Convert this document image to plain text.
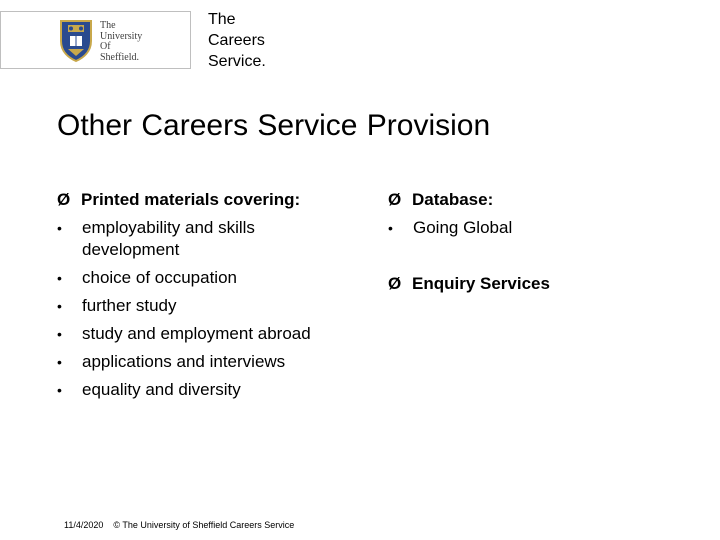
The
University
Of
Sheffield.
The
Careers
Service.
Other Careers Service Provision
Ø Printed materials covering:
• employability and skills
development
• choice of occupation
• further study
• study and employment abroad
• applications and interviews
• equality and diversity
Ø Database:
• Going Global
Ø Enquiry Services
11/4/2020 © The University of Sheffield Careers Service
